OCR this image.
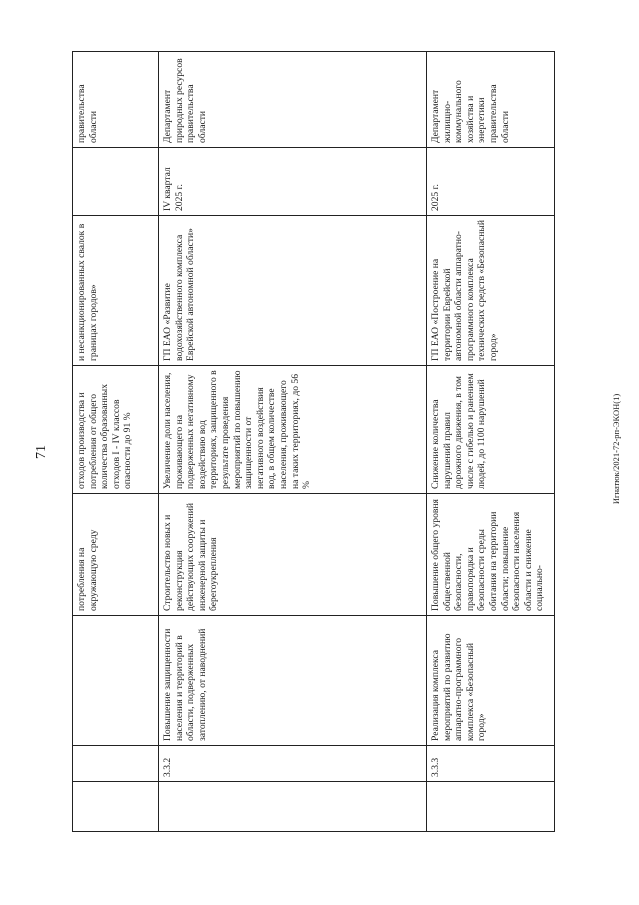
71
			потребления на окружающую среду	отходов производства и потребления от общего количества образованных отходов I - IV классов опасности до 91 %	и несанкционированных свалок в границах городов»		правительства области
	3.3.2	Повышение защищенности населения и территорий в области, подверженных затоплению, от наводнений	Строительство новых и реконструкция действующих сооружений инженерной защиты и берегоукрепления	Увеличение доли населения, проживающего на подверженных негативному воздействию вод территориях, защищенного в результате проведения мероприятий по повышению защищенности от негативного воздействия вод, в общем количестве населения, проживающего на таких территориях, до 56 %	ГП ЕАО «Развитие водохозяйственного комплекса Еврейской автономной области»	IV квартал 2025 г.	Департамент природных ресурсов правительства области
	3.3.3	Реализация комплекса мероприятий по развитию аппаратно-программного комплекса «Безопасный город»	Повышение общего уровня общественной безопасности, правопорядка и безопасности среды обитания на территории области; повышение безопасности населения области и снижение социально-	Снижение количества нарушений правил дорожного движения, в том числе с гибелью и ранением людей, до 1100 нарушений	ГП ЕАО «Построение на территории Еврейской автономной области аппаратно-программного комплекса технических средств «Безопасный город»	2025 г.	Департамент жилищно-коммунального хозяйства и энергетики правительства области
Игнатюк/2021-72-рп-ЭКОН(1)
